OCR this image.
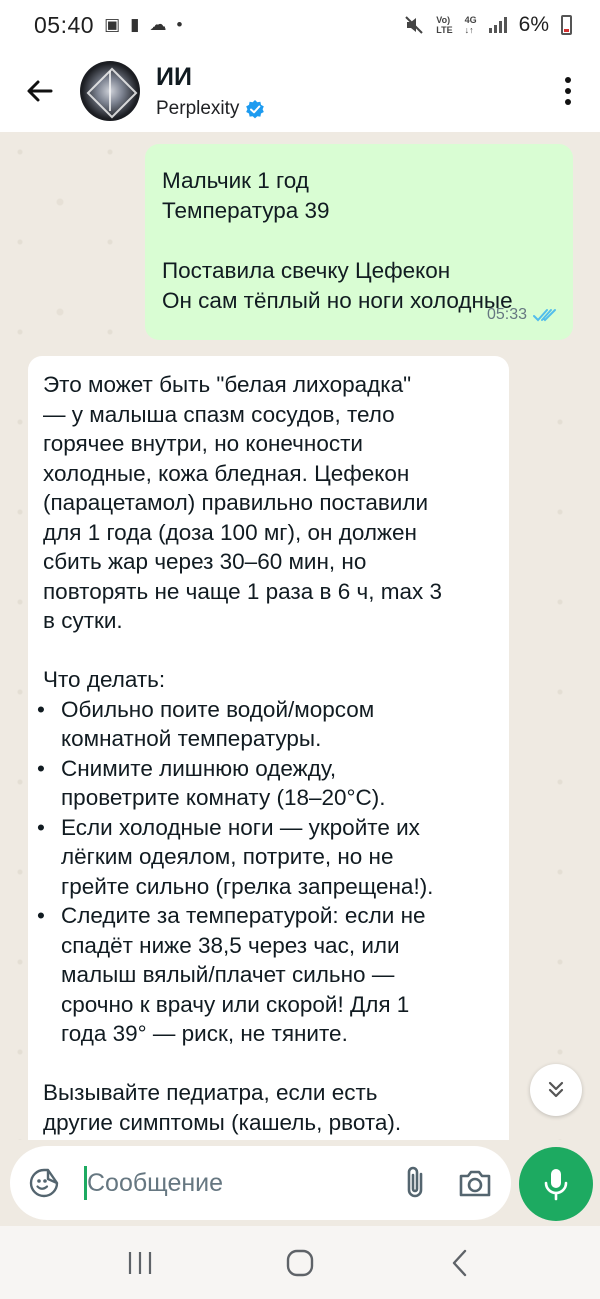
05:40 ▣ ▮ ☁ •	Vo)
LTE
4G
↓↑ 6%
ИИ
Perplexity

Мальчик 1 год

Температура 39

Поставила свечку Цефекон

Он сам тёплый но ноги холодные

05:33

Это может быть "белая лихорадка"

— у малыша спазм сосудов, тело

горячее внутри, но конечности

холодные, кожа бледная. Цефекон

(парацетамол) правильно поставили

для 1 года (доза 100 мг), он должен

сбить жар через 30–60 мин, но

повторять не чаще 1 раза в 6 ч, max 3

в сутки.

Что делать:

• Обильно поите водой/морсом

комнатной температуры.

• Снимите лишнюю одежду,

проветрите комнату (18–20°C).

• Если холодные ноги — укройте их

лёгким одеялом, потрите, но не

грейте сильно (грелка запрещена!).

• Следите за температурой: если не

спадёт ниже 38,5 через час, или

малыш вялый/плачет сильно —

срочно к врачу или скорой! Для 1

года 39° — риск, не тяните.

Вызывайте педиатра, если есть

другие симптомы (кашель, рвота).

Сообщение
